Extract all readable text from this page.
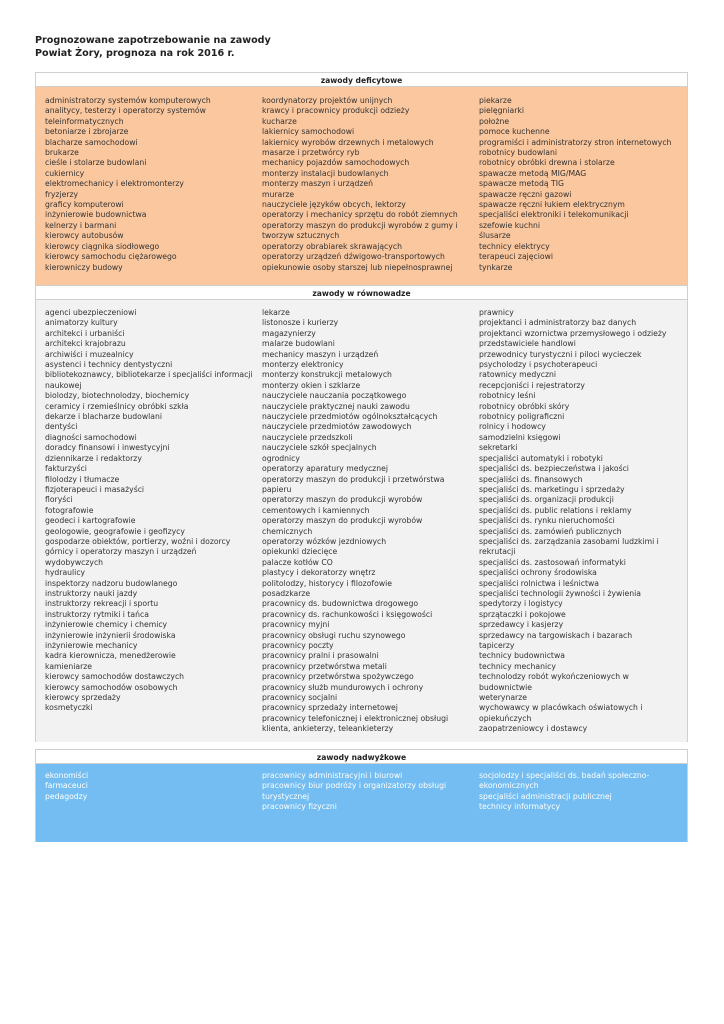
Prognozowane zapotrzebowanie na zawody
Powiat Żory, prognoza na rok 2016 r.
zawody deficytowe
administratorzy systemów komputerowych
analitycy, testerzy i operatorzy systemów teleinformatycznych
betoniarze i zbrojarze
blacharze samochodowi
brukarze
cieśle i stolarze budowlani
cukiernicy
elektromechanicy i elektromonterzy
fryzjerzy
graficy komputerowi
inżynierowie budownictwa
kelnerzy i barmani
kierowcy autobusów
kierowcy ciągnika siodłowego
kierowcy samochodu ciężarowego
kierowniczy budowy
koordynatorzy projektów unijnych
krawcy i pracownicy produkcji odzieży
kucharze
lakiernicy samochodowi
lakiernicy wyrobów drzewnych i metalowych
masarze i przetwórcy ryb
mechanicy pojazdów samochodowych
monterzy instalacji budowlanych
monterzy maszyn i urządzeń
murarze
nauczyciele języków obcych, lektorzy
operatorzy i mechanicy sprzętu do robót ziemnych
operatorzy maszyn do produkcji wyrobów z gumy i tworzyw sztucznych
operatorzy obrabiarek skrawających
operatorzy urządzeń dźwigowo-transportowych
opiekunowie osoby starszej lub niepełnosprawnej
piekarze
pielęgniarki
położne
pomoce kuchenne
programiści i administratorzy stron internetowych
robotnicy budowlani
robotnicy obróbki drewna i stolarze
spawacze metodą MIG/MAG
spawacze metodą TIG
spawacze ręczni gazowi
spawacze ręczni łukiem elektrycznym
specjaliści elektroniki i telekomunikacji
szefowie kuchni
ślusarze
technicy elektrycy
terapeuci zajęciowi
tynkarze
zawody w równowadze
agenci ubezpieczeniowi
animatorzy kultury
architekci i urbaniści
architekci krajobrazu
archiwiści i muzealnicy
asystenci i technicy dentystyczni
bibliotekoznawcy, bibliotekarze i specjaliści informacji naukowej
biolodzy, biotechnolodzy, biochemicy
ceramicy i rzemieślnicy obróbki szkła
dekarze i blacharze budowlani
dentyści
diagności samochodowi
doradcy finansowi i inwestycyjni
dziennikarze i redaktorzy
fakturzyści
filolodzy i tłumacze
fizjoterapeuci i masażyści
floryści
fotografowie
geodeci i kartografowie
geologowie, geografowie i geofizycy
gospodarze obiektów, portierzy, woźni i dozorcy
górnicy i operatorzy maszyn i urządzeń wydobywczych
hydraulicy
inspektorzy nadzoru budowlanego
instruktorzy nauki jazdy
instruktorzy rekreacji i sportu
instruktorzy rytmiki i tańca
inżynierowie chemicy i chemicy
inżynierowie inżynierii środowiska
inżynierowie mechanicy
kadra kierownicza, menedżerowie
kamieniarze
kierowcy samochodów dostawczych
kierowcy samochodów osobowych
kierowcy sprzedaży
kosmetyczki
lekarze
listonosze i kurierzy
magazynierzy
malarze budowlani
mechanicy maszyn i urządzeń
monterzy elektronicy
monterzy konstrukcji metalowych
monterzy okien i szklarze
nauczyciele nauczania początkowego
nauczyciele praktycznej nauki zawodu
nauczyciele przedmiotów ogólnokształcących
nauczyciele przedmiotów zawodowych
nauczyciele przedszkoli
nauczyciele szkół specjalnych
ogrodnicy
operatorzy aparatury medycznej
operatorzy maszyn do produkcji i przetwórstwa papieru
operatorzy maszyn do produkcji wyrobów cementowych i kamiennych
operatorzy maszyn do produkcji wyrobów chemicznych
operatorzy wózków jezdniowych
opiekunki dziecięce
palacze kotłów CO
plastycy i dekoratorzy wnętrz
politolodzy, historycy i filozofowie
posadzkarze
pracownicy ds. budownictwa drogowego
pracownicy ds. rachunkowości i księgowości
pracownicy myjni
pracownicy obsługi ruchu szynowego
pracownicy poczty
pracownicy pralni i prasowalni
pracownicy przetwórstwa metali
pracownicy przetwórstwa spożywczego
pracownicy służb mundurowych i ochrony
pracownicy socjalni
pracownicy sprzedaży internetowej
pracownicy telefonicznej i elektronicznej obsługi klienta, ankieterzy, teleankieterzy
prawnicy
projektanci i administratorzy baz danych
projektanci wzornictwa przemysłowego i odzieży
przedstawiciele handlowi
przewodnicy turystyczni i piloci wycieczek
psycholodzy i psychoterapeuci
ratownicy medyczni
recepcjoniści i rejestratorzy
robotnicy leśni
robotnicy obróbki skóry
robotnicy poligraficzni
rolnicy i hodowcy
samodzielni księgowi
sekretarki
specjaliści automatyki i robotyki
specjaliści ds. bezpieczeństwa i jakości
specjaliści ds. finansowych
specjaliści ds. marketingu i sprzedaży
specjaliści ds. organizacji produkcji
specjaliści ds. public relations i reklamy
specjaliści ds. rynku nieruchomości
specjaliści ds. zamówień publicznych
specjaliści ds. zarządzania zasobami ludzkimi i rekrutacji
specjaliści ds. zastosowań informatyki
specjaliści ochrony środowiska
specjaliści rolnictwa i leśnictwa
specjaliści technologii żywności i żywienia
spedytorzy i logistycy
sprzątaczki i pokojowe
sprzedawcy i kasjerzy
sprzedawcy na targowiskach i bazarach
tapicerzy
technicy budownictwa
technicy mechanicy
technolodzy robót wykończeniowych w budownictwie
weterynarze
wychowawcy w placówkach oświatowych i opiekuńczych
zaopatrzeniowcy i dostawcy
zawody nadwyżkowe
ekonomiści
farmaceuci
pedagodzy
pracownicy administracyjni i biurowi
pracownicy biur podróży i organizatorzy obsługi turystycznej
pracownicy fizyczni
socjolodzy i specjaliści ds. badań społeczno-ekonomicznych
specjaliści administracji publicznej
technicy informatycy
